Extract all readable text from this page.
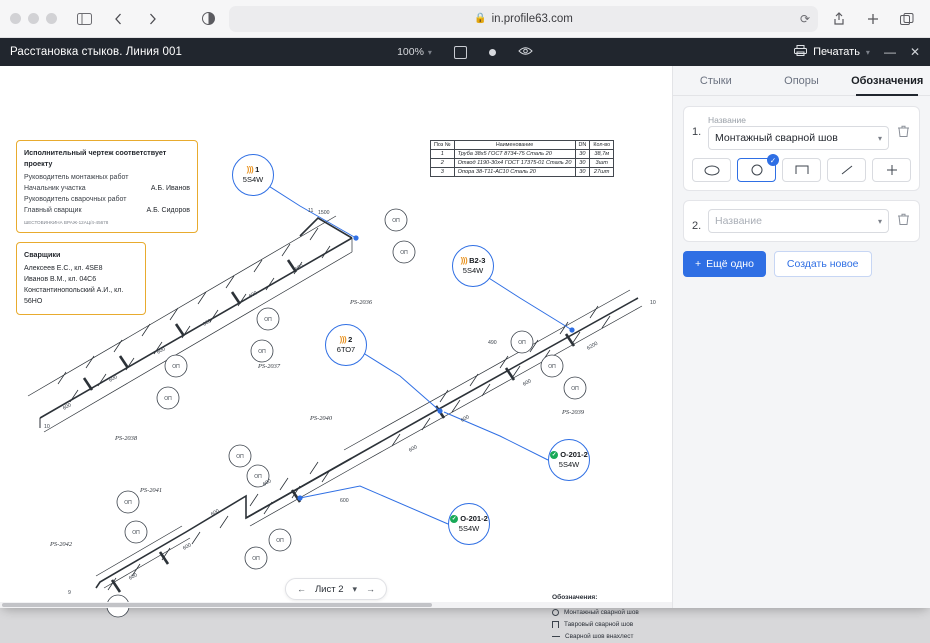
🔒 in.profile63.com	⟳
Расстановка стыков. Линия 001	100% ▾	Печатать ▾ — ✕
ОП
ОП
ОП
ОП
ОП
ОП
ОП
ОП
ОП
ОП
ОП
ОП
ОП
ОП
ОП
600
600
600
600
600
600
6200
600
600
600
600
600
600
600
600
1500
11
10
10
9
490
PS-2036
PS-2037
PS-2038
PS-2039
PS-2040
PS-2041
PS-2042
Исполнительный чертеж соответствует проекту
Руководитель монтажных работ
Начальник участка	А.Б. Иванов
Руководитель сварочных работ
Главный сварщик	А.Б. Сидоров
ШЕСТОВИНКИНА ВРАЖ-12АЦ/4-45678
Сварщики
Алексеев Е.С., кл. 4SE8
Иванов В.М., кл. 04C6
Константинопольский А.И., кл. 56НО
Поз №	Наименование	DN	Кол-во
1	Труба 38х5 ГОСТ 8734-75 Сталь 20	30	38,7м
2	Отвод 1190-30х4 ГОСТ 17375-01 Сталь 20	30	3шт
3	Опора 38-Т11-АС10 Сталь 20	30	27шт
))) 1
5S4W
))) В2-3
5S4W
))) 2
6ТО7
✓ О-201-2
5S4W
✓ О-201-2
5S4W
Обозначения:
Монтажный сварной шов
Тавровый сварной шов
Сварной шов внахлест
← Лист 2 ▾ →
Стыки	Опоры	Обозначения
1.
Название
Монтажный сварной шов	▾
✓
2. Название	▾
+ Ещё одно	Создать новое
